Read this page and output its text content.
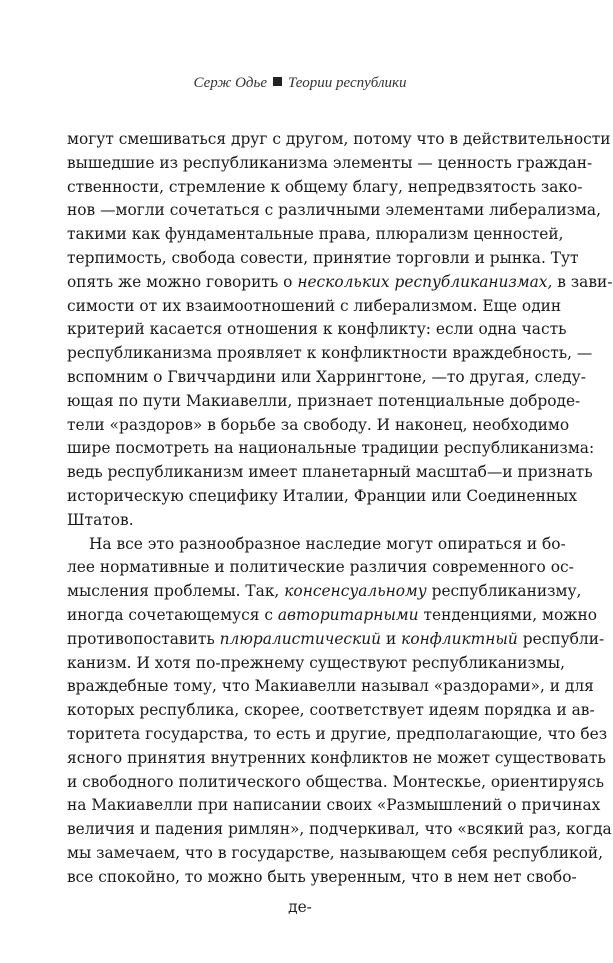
Серж Одье Теории республики
могут смешиваться друг с другом, потому что в действительности
вышедшие из республиканизма элементы — ценность граждан-
ственности, стремление к общему благу, непредвзятость зако-
нов —могли сочетаться с различными элементами либерализма,
такими как фундаментальные права, плюрализм ценностей,
терпимость, свобода совести, принятие торговли и рынка. Тут
опять же можно говорить о нескольких республиканизмах, в зави-
симости от их взаимоотношений с либерализмом. Еще один
критерий касается отношения к конфликту: если одна часть
республиканизма проявляет к конфликтности враждебность, —
вспомним о Гвиччардини или Харрингтоне, —то другая, следу-
ющая по пути Макиавелли, признает потенциальные добродe-
тели «раздоров» в борьбе за свободу. И наконец, необходимо
шире посмотреть на национальные традиции республиканизма:
ведь республиканизм имеет планетарный масштаб—и признать
историческую специфику Италии, Франции или Соединенных
Штатов.
На все это разнообразное наследие могут опираться и бо-
лее нормативные и политические различия современного ос-
мысления проблемы. Так, консенсуальному республиканизму,
иногда сочетающемуся с авторитарными тенденциями, можно
противопоставить плюралистический и конфликтный республи-
канизм. И хотя по-прежнему существуют республиканизмы,
враждебные тому, что Макиавелли называл «раздорами», и для
которых республика, скорее, соответствует идеям порядка и ав-
торитета государства, то есть и другие, предполагающие, что без
ясного принятия внутренних конфликтов не может существовать
и свободного политического общества. Монтескье, ориентируясь
на Макиавелли при написании своих «Размышлений о причинах
величия и падения римлян», подчеркивал, что «всякий раз, когда
мы замечаем, что в государстве, называющем себя республикой,
все спокойно, то можно быть уверенным, что в нем нет свобо-
де-
